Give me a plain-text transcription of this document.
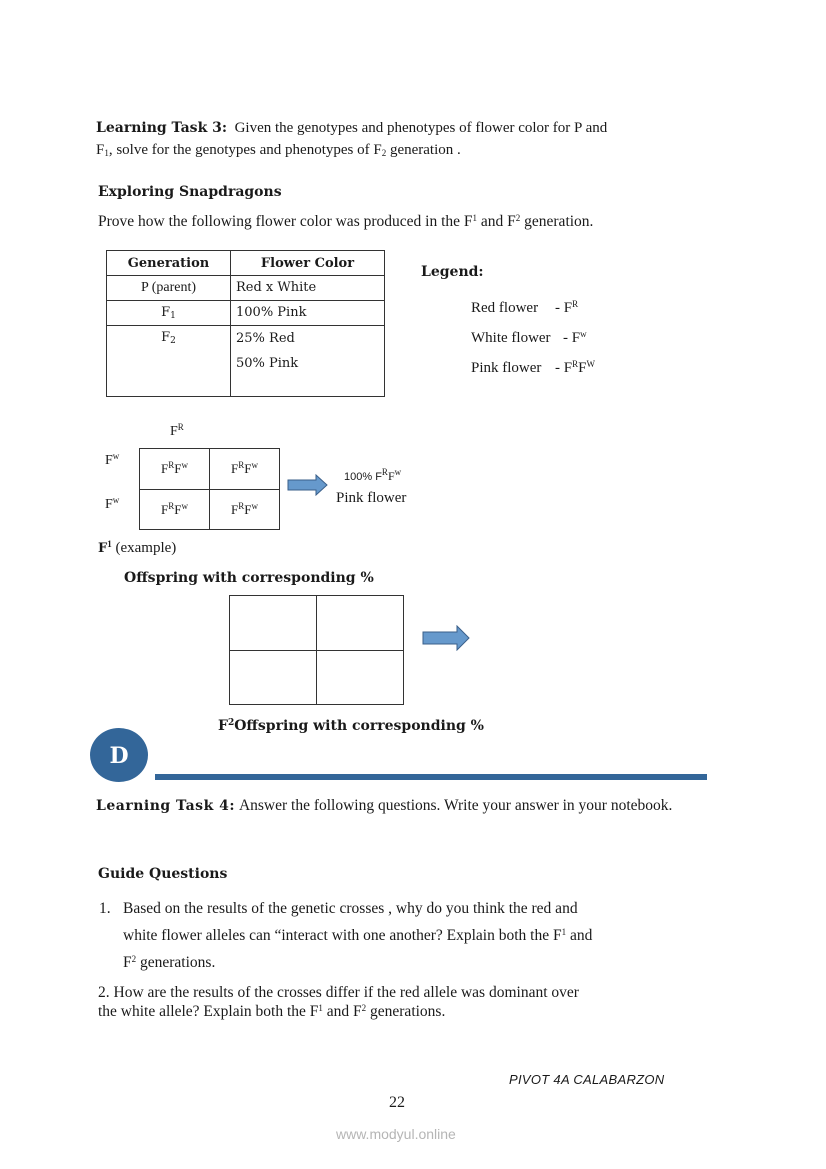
Learning Task 3: Given the genotypes and phenotypes of flower color for P and
$F_1$, solve for the genotypes and phenotypes of $F_2$ generation .
Exploring Snapdragons
Prove how the following flower color was produced in the $F^1$ and $F^2$ generation.
Generation	Flower Color
P (parent)	Red x White
$F_1$	100% Pink
$F_2$	25% Red
50% Pink
Legend:
Red flower - $F^R$
White flower - $F^w$
Pink flower - $F^RF^W$
$F^R$
$F^w$
$F^w$
$F^RF^w$	$F^RF^w$
$F^RF^w$	$F^RF^w$
100% $F^RF^w$
Pink flower
$F^1$ (example)
Offspring with corresponding %

$F^2Offspring$ with corresponding %
D
Learning Task 4: Answer the following questions. Write your answer in your notebook.
Guide Questions
1. Based on the results of the genetic crosses , why do you think the red and
white flower alleles can “interact with one another? Explain both the $F^1$ and
$F^2$ generations.
2. How are the results of the crosses differ if the red allele was dominant over
the white allele? Explain both the $F^1$ and $F^2$ generations.
PIVOT 4A CALABARZON
22
www.modyul.online
